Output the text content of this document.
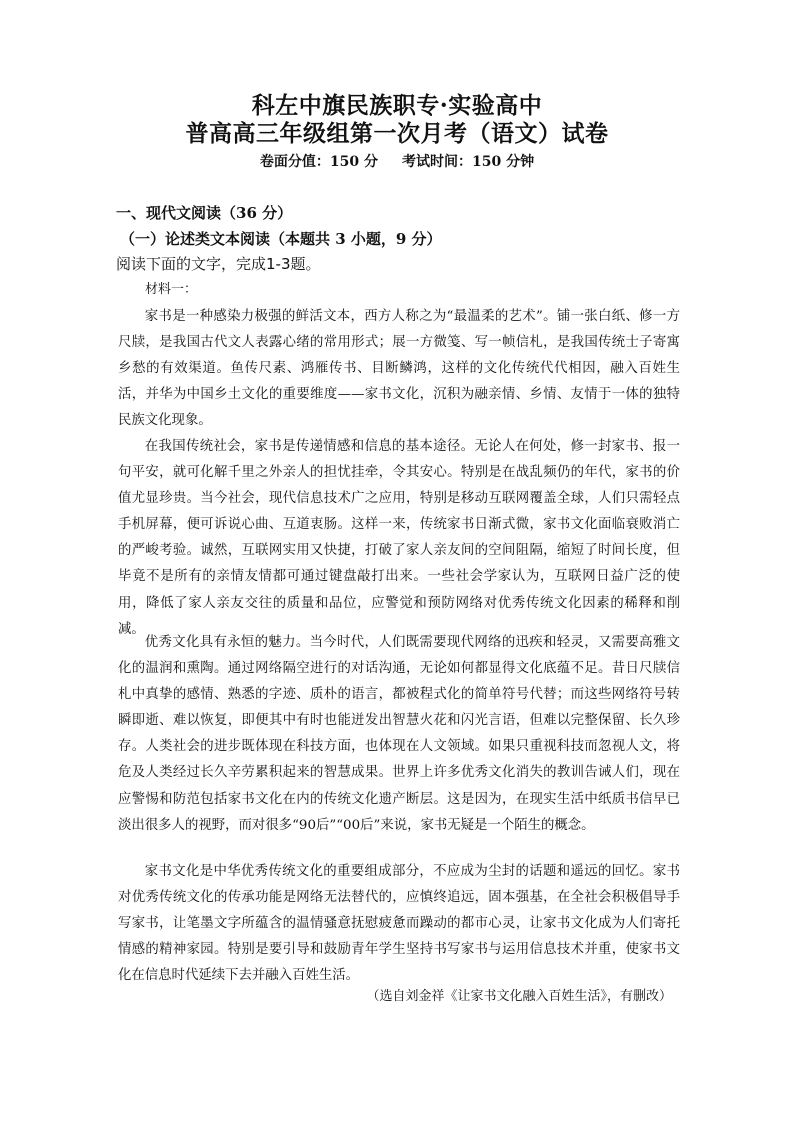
科左中旗民族职专·实验高中
普高高三年级组第一次月考（语文）试卷
卷面分值：150 分 考试时间：150 分钟
一、现代文阅读（36 分）
（一）论述类文本阅读（本题共 3 小题，9 分）
阅读下面的文字，完成1-3题。
材料一：

家书是一种感染力极强的鲜活文本，西方人称之为“最温柔的艺术”。铺一张白纸、修一方尺牍，是我国古代文人表露心绪的常用形式；展一方微笺、写一帧信札，是我国传统士子寄寓乡愁的有效渠道。鱼传尺素、鸿雁传书、目断鳞鸿，这样的文化传统代代相因，融入百姓生活，并华为中国乡土文化的重要维度——家书文化，沉积为融亲情、乡情、友情于一体的独特民族文化现象。

在我国传统社会，家书是传递情感和信息的基本途径。无论人在何处，修一封家书、报一句平安，就可化解千里之外亲人的担忧挂牵，令其安心。特别是在战乱频仍的年代，家书的价值尤显珍贵。当今社会，现代信息技术广之应用，特别是移动互联网覆盖全球，人们只需轻点手机屏幕，便可诉说心曲、互道衷肠。这样一来，传统家书日渐式微，家书文化面临衰败消亡的严峻考验。诚然，互联网实用又快捷，打破了家人亲友间的空间阻隔，缩短了时间长度，但毕竟不是所有的亲情友情都可通过键盘敲打出来。一些社会学家认为，互联网日益广泛的使用，降低了家人亲友交往的质量和品位，应警觉和预防网络对优秀传统文化因素的稀释和削减。

优秀文化具有永恒的魅力。当今时代，人们既需要现代网络的迅疾和轻灵，又需要高雅文化的温润和熏陶。通过网络隔空进行的对话沟通，无论如何都显得文化底蕴不足。昔日尺牍信札中真挚的感情、熟悉的字迹、质朴的语言，都被程式化的简单符号代替；而这些网络符号转瞬即逝、难以恢复，即便其中有时也能迸发出智慧火花和闪光言语，但难以完整保留、长久珍存。人类社会的进步既体现在科技方面，也体现在人文领域。如果只重视科技而忽视人文，将危及人类经过长久辛劳累积起来的智慧成果。世界上许多优秀文化消失的教训告诫人们，现在应警惕和防范包括家书文化在内的传统文化遗产断层。这是因为，在现实生活中纸质书信早已淡出很多人的视野，而对很多“90后”“00后”来说，家书无疑是一个陌生的概念。

家书文化是中华优秀传统文化的重要组成部分，不应成为尘封的话题和遥远的回忆。家书对优秀传统文化的传承功能是网络无法替代的，应慎终追远，固本强基，在全社会积极倡导手写家书，让笔墨文字所蕴含的温情骚意抚慰疲惫而躁动的都市心灵，让家书文化成为人们寄托情感的精神家园。特别是要引导和鼓励青年学生坚持书写家书与运用信息技术并重，使家书文化在信息时代延续下去并融入百姓生活。

（选自刘金祥《让家书文化融入百姓生活》，有删改）
